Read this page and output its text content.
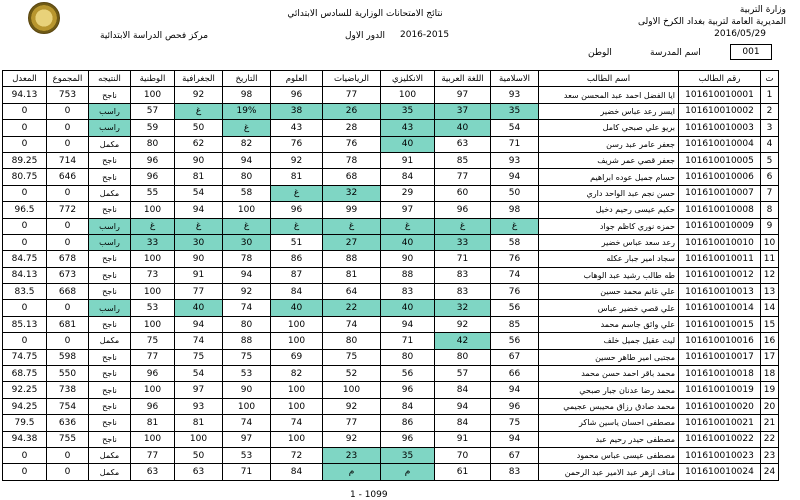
وزارة التربية
المديرية العامة لتربية بغداد الكرخ الاولى
2016/05/29
نتائج الامتحانات الوزارية للسادس الابتدائي
الدور الاول	2016-2015
مركز فحص الدراسة الابتدائية
001
اسم المدرسة
الوطن
ت	رقم الطالب	اسم الطالب	الاسلامية	اللغة العربية	الانكليزي	الرياضيات	العلوم	التاريخ	الجغرافية	الوطنية	النتيجه	المجموع	المعدل
1	101610010001	ايا الفضل احمد عبد المحسن سعد	93	97	100	77	96	98	92	100	ناجح	753	94.13
2	101610010002	ايسر رعد عباس خضير	35	37	35	26	38	19%	غ	57	راسب	0	0
3	101610010003	بريو علي صبحي كامل	54	40	43	28	43	غ	50	59	راسب	0	0
4	101610010004	جعفر عامر عبد رسن	71	63	40	76	76	82	62	80	مكمل	0	0
5	101610010005	جعفر قصي عمر شريف	93	85	91	78	92	94	90	96	ناجح	714	89.25
6	101610010006	حسام جميل عوده ابراهيم	94	77	84	68	81	80	81	96	ناجح	646	80.75
7	101610010007	حسن نجم عبد الواحد داري	50	60	29	32	غ	58	54	55	مكمل	0	0
8	101610010008	حكيم عيسى رحيم دخيل	98	96	97	99	96	100	94	100	ناجح	772	96.5
9	101610010009	حمزه نوري كاظم جواد	غ	غ	غ	غ	غ	غ	غ	غ	راسب	0	0
10	101610010010	رعد سعد عباس خضير	58	33	40	27	51	30	30	33	راسب	0	0
11	101610010011	سجاد امير جبار عكله	76	71	90	88	86	78	90	100	ناجح	678	84.75
12	101610010012	طه طالب رشيد عبد الوهاب	74	83	88	81	87	94	91	73	ناجح	673	84.13
13	101610010013	علي غانم محمد حسين	76	83	83	64	84	92	77	100	ناجح	668	83.5
14	101610010014	علي قصي خضير عباس	56	32	40	22	40	74	40	53	راسب	0	0
15	101610010015	علي وائق جاسم محمد	85	92	94	74	100	80	94	100	ناجح	681	85.13
16	101610010016	ليث عقيل جميل خلف	56	42	71	80	100	88	74	75	مكمل	0	0
17	101610010017	مجتبى امير طاهر حسين	67	80	80	75	69	75	75	77	ناجح	598	74.75
18	101610010018	محمد باقر احمد حسن محمد	66	57	56	52	82	53	54	96	ناجح	550	68.75
19	101610010019	محمد رضا عدنان جبار صبحي	94	84	96	100	100	90	97	100	ناجح	738	92.25
20	101610010020	محمد صادق رزاق محيبس عجيمي	96	94	84	92	100	100	93	96	ناجح	754	94.25
21	101610010021	مصطفى احسان ياسين شاكر	75	84	86	77	74	74	81	81	ناجح	636	79.5
22	101610010022	مصطفى حيدر رحيم عبد	94	91	96	92	100	97	100	100	ناجح	755	94.38
23	101610010023	مصطفى عيسى عباس محمود	67	70	35	23	72	53	50	77	مكمل	0	0
24	101610010024	مناف ازهر عبد الامير عبد الرحمن	83	61	م	م	84	71	63	63	مكمل	0	0
1 - 1099
